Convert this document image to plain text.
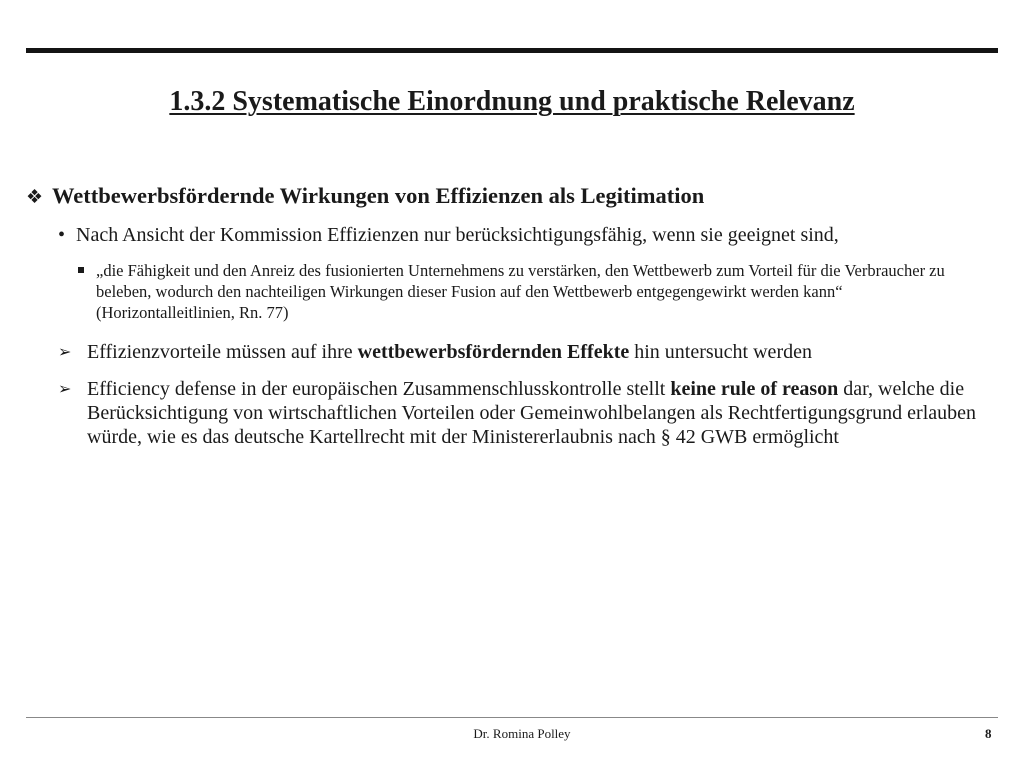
1.3.2 Systematische Einordnung und praktische Relevanz
❖ Wettbewerbsfördernde Wirkungen von Effizienzen als Legitimation
• Nach Ansicht der Kommission Effizienzen nur berücksichtigungsfähig, wenn sie geeignet sind,
„die Fähigkeit und den Anreiz des fusionierten Unternehmens zu verstärken, den Wettbewerb zum Vorteil für die Verbraucher zu beleben, wodurch den nachteiligen Wirkungen dieser Fusion auf den Wettbewerb entgegengewirkt werden kann“ (Horizontalleitlinien, Rn. 77)
➢ Effizienzvorteile müssen auf ihre wettbewerbsfördernden Effekte hin untersucht werden
➢ Efficiency defense in der europäischen Zusammenschlusskontrolle stellt keine rule of reason dar, welche die Berücksichtigung von wirtschaftlichen Vorteilen oder Gemeinwohlbelangen als Rechtfertigungsgrund erlauben würde, wie es das deutsche Kartellrecht mit der Ministererlaubnis nach § 42 GWB ermöglicht
Dr. Romina Polley	8
